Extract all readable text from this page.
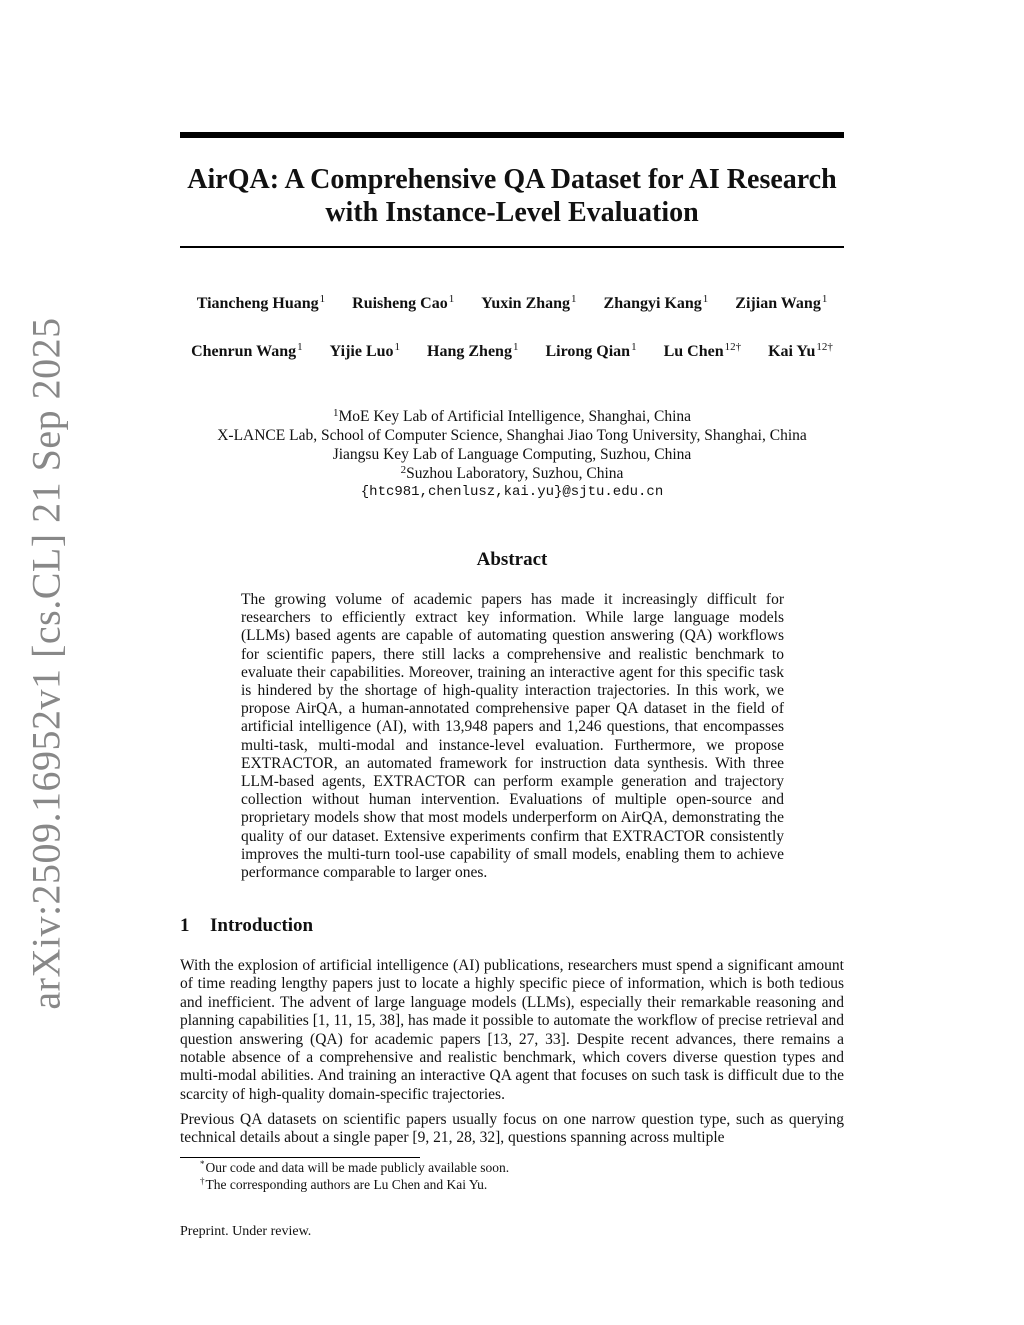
arXiv:2509.16952v1 [cs.CL] 21 Sep 2025
AirQA: A Comprehensive QA Dataset for AI Research with Instance-Level Evaluation
Tiancheng Huang$^1$ Ruisheng Cao$^1$ Yuxin Zhang$^1$ Zhangyi Kang$^1$ Zijian Wang$^1$
Chenrun Wang$^1$ Yijie Luo$^1$ Hang Zheng$^1$ Lirong Qian$^1$ Lu Chen$^{12\dagger}$ Kai $Yu^{12\dagger}$
$^1$MoE Key Lab of Artificial Intelligence, Shanghai, China
X-LANCE Lab, School of Computer Science, Shanghai Jiao Tong University, Shanghai, China
Jiangsu Key Lab of Language Computing, Suzhou, China
$^2$Suzhou Laboratory, Suzhou, China
{htc981,chenlusz,kai.yu}@sjtu.edu.cn
Abstract
The growing volume of academic papers has made it increasingly difficult for researchers to efficiently extract key information. While large language models (LLMs) based agents are capable of automating question answering (QA) workflows for scientific papers, there still lacks a comprehensive and realistic benchmark to evaluate their capabilities. Moreover, training an interactive agent for this specific task is hindered by the shortage of high-quality interaction trajectories. In this work, we propose AirQA, a human-annotated comprehensive paper QA dataset in the field of artificial intelligence (AI), with 13,948 papers and 1,246 questions, that encompasses multi-task, multi-modal and instance-level evaluation. Furthermore, we propose EXTRACTOR, an automated framework for instruction data synthesis. With three LLM-based agents, EXTRACTOR can perform example generation and trajectory collection without human intervention. Evaluations of multiple open-source and proprietary models show that most models underperform on AirQA, demonstrating the quality of our dataset. Extensive experiments confirm that EXTRACTOR consistently improves the multi-turn tool-use capability of small models, enabling them to achieve performance comparable to larger ones.
1 Introduction
With the explosion of artificial intelligence (AI) publications, researchers must spend a significant amount of time reading lengthy papers just to locate a highly specific piece of information, which is both tedious and inefficient. The advent of large language models (LLMs), especially their remarkable reasoning and planning capabilities [1, 11, 15, 38], has made it possible to automate the workflow of precise retrieval and question answering (QA) for academic papers [13, 27, 33]. Despite recent advances, there remains a notable absence of a comprehensive and realistic benchmark, which covers diverse question types and multi-modal abilities. And training an interactive QA agent that focuses on such task is difficult due to the scarcity of high-quality domain-specific trajectories.
Previous QA datasets on scientific papers usually focus on one narrow question type, such as querying technical details about a single paper [9, 21, 28, 32], questions spanning across multiple
*Our code and data will be made publicly available soon.
†The corresponding authors are Lu Chen and Kai Yu.
Preprint. Under review.
